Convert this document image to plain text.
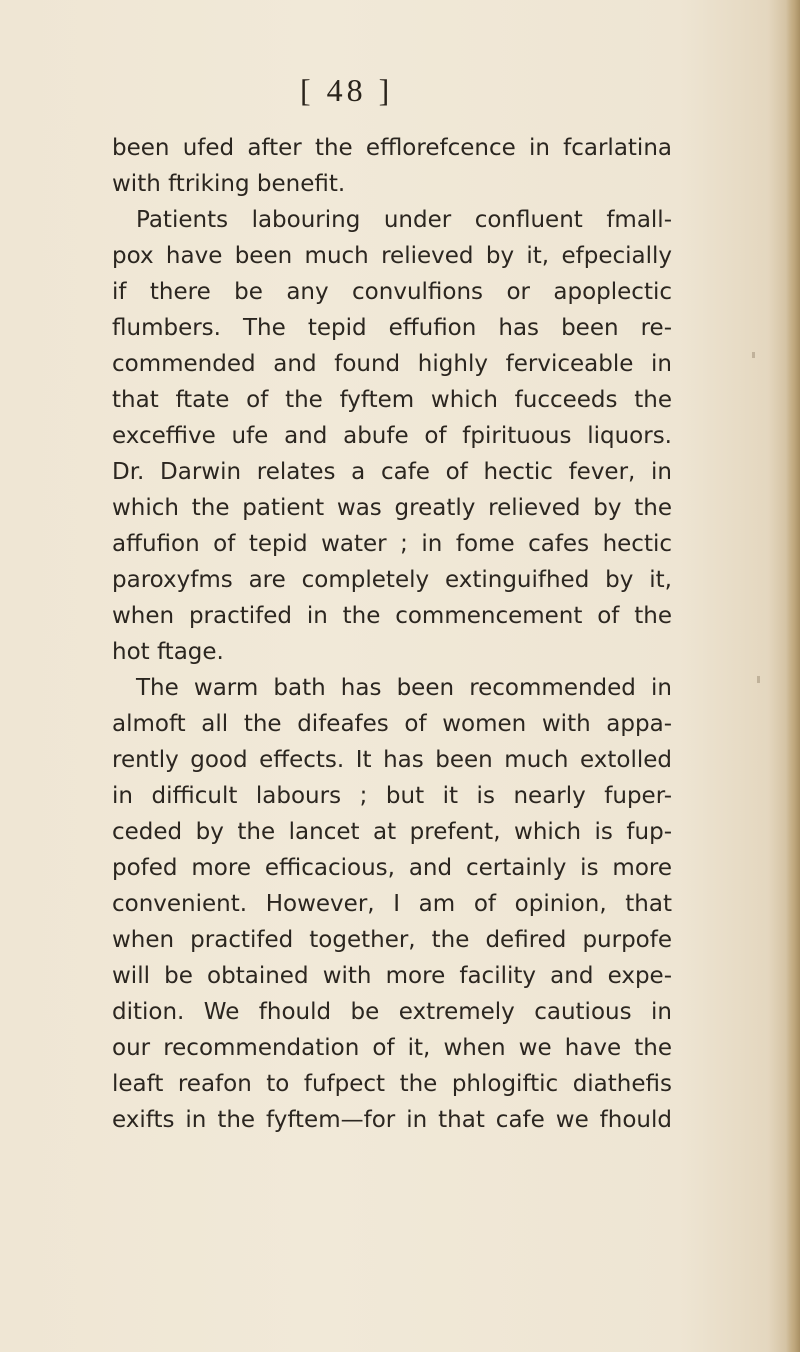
[ 48 ]
been ufed after the efflorefcence in fcarlatina
with ftriking benefit.
Patients labouring under confluent fmall-
pox have been much relieved by it, efpecially
if there be any convulfions or apoplectic
flumbers. The tepid effufion has been re-
commended and found highly ferviceable in
that ftate of the fyftem which fucceeds the
exceffive ufe and abufe of fpirituous liquors.
Dr. Darwin relates a cafe of hectic fever, in
which the patient was greatly relieved by the
affufion of tepid water ; in fome cafes hectic
paroxyfms are completely extinguifhed by it,
when practifed in the commencement of the
hot ftage.
The warm bath has been recommended in
almoft all the difeafes of women with appa-
rently good effects. It has been much extolled
in difficult labours ; but it is nearly fuper-
ceded by the lancet at prefent, which is fup-
pofed more efficacious, and certainly is more
convenient. However, I am of opinion, that
when practifed together, the defired purpofe
will be obtained with more facility and expe-
dition. We fhould be extremely cautious in
our recommendation of it, when we have the
leaft reafon to fufpect the phlogiftic diathefis
exifts in the fyftem—for in that cafe we fhould
